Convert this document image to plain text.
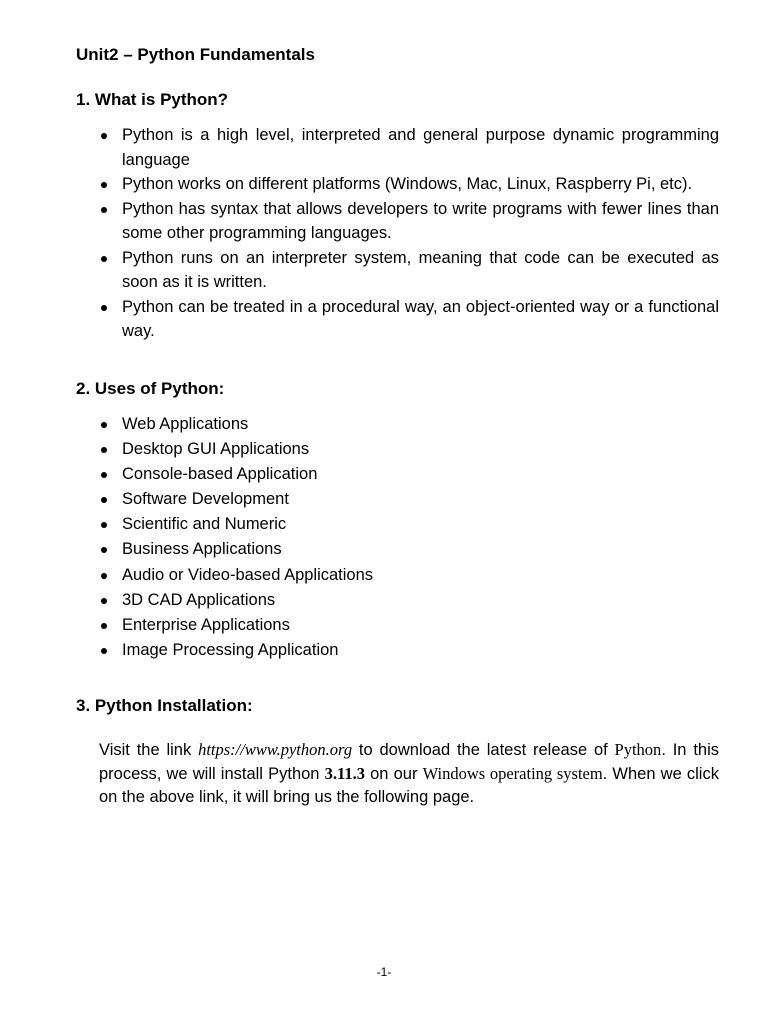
Unit2 – Python Fundamentals
1. What is Python?
Python is a high level, interpreted and general purpose dynamic programming language
Python works on different platforms (Windows, Mac, Linux, Raspberry Pi, etc).
Python has syntax that allows developers to write programs with fewer lines than some other programming languages.
Python runs on an interpreter system, meaning that code can be executed as soon as it is written.
Python can be treated in a procedural way, an object-oriented way or a functional way.
2. Uses of Python:
Web Applications
Desktop GUI Applications
Console-based Application
Software Development
Scientific and Numeric
Business Applications
Audio or Video-based Applications
3D CAD Applications
Enterprise Applications
Image Processing Application
3. Python Installation:

Visit the link https://www.python.org to download the latest release of Python. In this process, we will install Python 3.11.3 on our Windows operating system. When we click on the above link, it will bring us the following page.

-1-
